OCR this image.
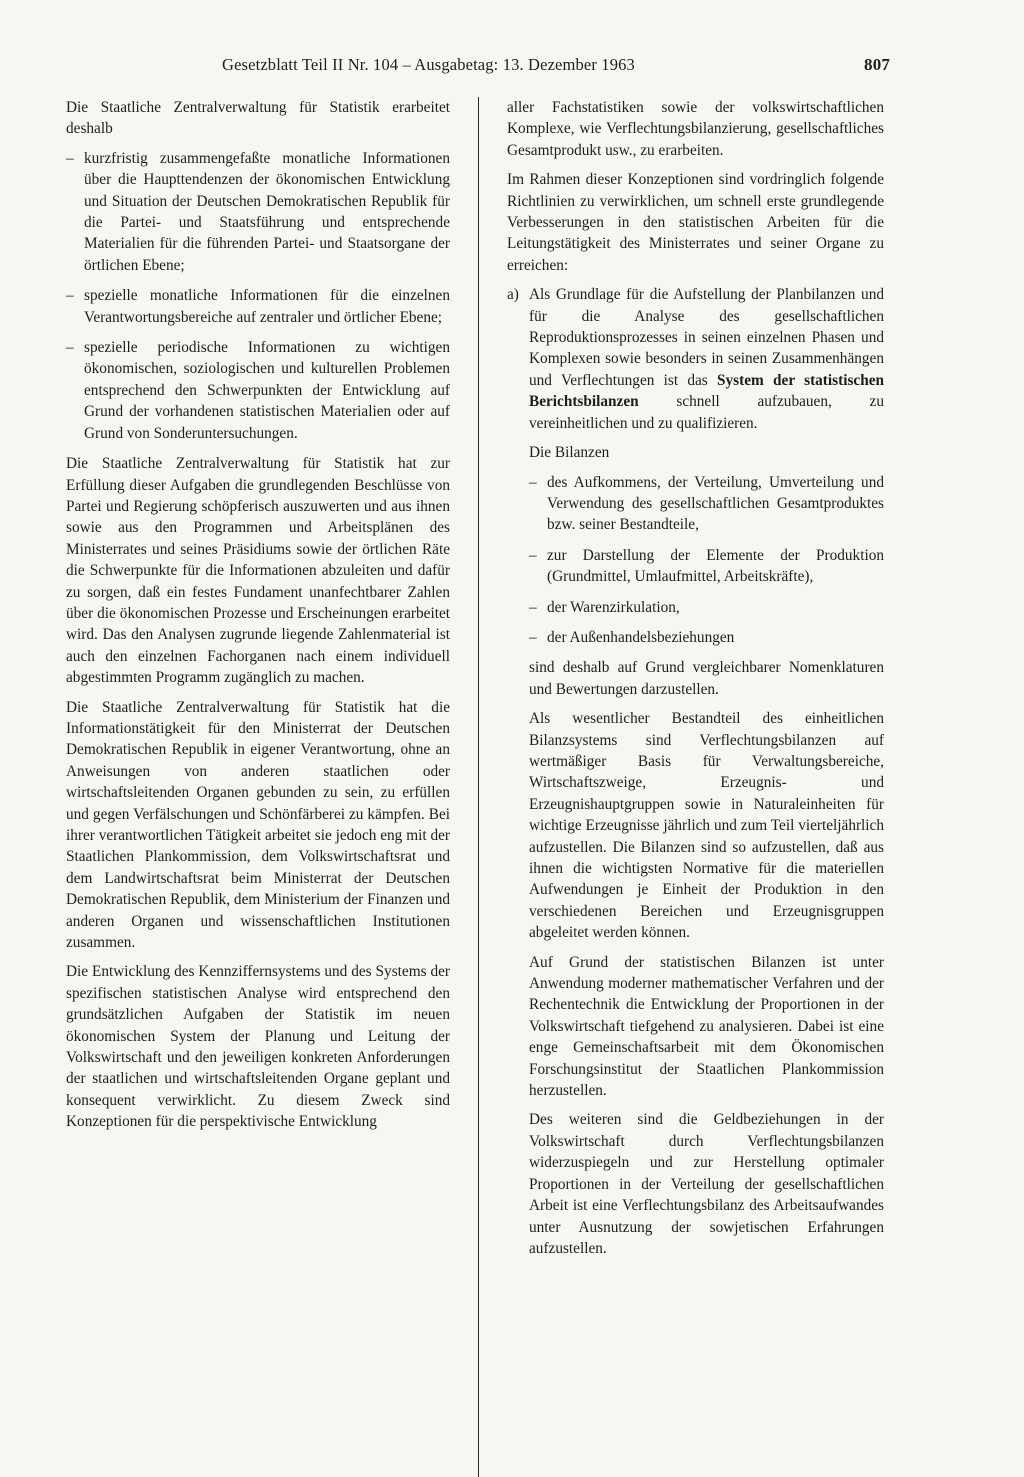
Gesetzblatt Teil II Nr. 104 – Ausgabetag: 13. Dezember 1963	807

Die Staatliche Zentralverwaltung für Statistik erarbeitet deshalb

– kurzfristig zusammengefaßte monatliche Informationen über die Haupttendenzen der ökonomischen Entwicklung und Situation der Deutschen Demokratischen Republik für die Partei- und Staatsführung und entsprechende Materialien für die führenden Partei- und Staatsorgane der örtlichen Ebene;
– spezielle monatliche Informationen für die einzelnen Verantwortungsbereiche auf zentraler und örtlicher Ebene;
– spezielle periodische Informationen zu wichtigen ökonomischen, soziologischen und kulturellen Problemen entsprechend den Schwerpunkten der Entwicklung auf Grund der vorhandenen statistischen Materialien oder auf Grund von Sonderuntersuchungen.

Die Staatliche Zentralverwaltung für Statistik hat zur Erfüllung dieser Aufgaben die grundlegenden Beschlüsse von Partei und Regierung schöpferisch auszuwerten und aus ihnen sowie aus den Programmen und Arbeitsplänen des Ministerrates und seines Präsidiums sowie der örtlichen Räte die Schwerpunkte für die Informationen abzuleiten und dafür zu sorgen, daß ein festes Fundament unanfechtbarer Zahlen über die ökonomischen Prozesse und Erscheinungen erarbeitet wird. Das den Analysen zugrunde liegende Zahlenmaterial ist auch den einzelnen Fachorganen nach einem individuell abgestimmten Programm zugänglich zu machen.

Die Staatliche Zentralverwaltung für Statistik hat die Informationstätigkeit für den Ministerrat der Deutschen Demokratischen Republik in eigener Verantwortung, ohne an Anweisungen von anderen staatlichen oder wirtschaftsleitenden Organen gebunden zu sein, zu erfüllen und gegen Verfälschungen und Schönfärberei zu kämpfen. Bei ihrer verantwortlichen Tätigkeit arbeitet sie jedoch eng mit der Staatlichen Plankommission, dem Volkswirtschaftsrat und dem Landwirtschaftsrat beim Ministerrat der Deutschen Demokratischen Republik, dem Ministerium der Finanzen und anderen Organen und wissenschaftlichen Institutionen zusammen.

Die Entwicklung des Kennziffernsystems und des Systems der spezifischen statistischen Analyse wird entsprechend den grundsätzlichen Aufgaben der Statistik im neuen ökonomischen System der Planung und Leitung der Volkswirtschaft und den jeweiligen konkreten Anforderungen der staatlichen und wirtschaftsleitenden Organe geplant und konsequent verwirklicht. Zu diesem Zweck sind Konzeptionen für die perspektivische Entwicklung

aller Fachstatistiken sowie der volkswirtschaftlichen Komplexe, wie Verflechtungsbilanzierung, gesellschaftliches Gesamtprodukt usw., zu erarbeiten.

Im Rahmen dieser Konzeptionen sind vordringlich folgende Richtlinien zu verwirklichen, um schnell erste grundlegende Verbesserungen in den statistischen Arbeiten für die Leitungstätigkeit des Ministerrates und seiner Organe zu erreichen:

a) Als Grundlage für die Aufstellung der Planbilanzen und für die Analyse des gesellschaftlichen Reproduktionsprozesses in seinen einzelnen Phasen und Komplexen sowie besonders in seinen Zusammenhängen und Verflechtungen ist das System der statistischen Berichtsbilanzen schnell aufzubauen, zu vereinheitlichen und zu qualifizieren.
Die Bilanzen
– des Aufkommens, der Verteilung, Umverteilung und Verwendung des gesellschaftlichen Gesamtproduktes bzw. seiner Bestandteile,
– zur Darstellung der Elemente der Produktion (Grundmittel, Umlaufmittel, Arbeitskräfte),
– der Warenzirkulation,
– der Außenhandelsbeziehungen
sind deshalb auf Grund vergleichbarer Nomenklaturen und Bewertungen darzustellen.
Als wesentlicher Bestandteil des einheitlichen Bilanzsystems sind Verflechtungsbilanzen auf wertmäßiger Basis für Verwaltungsbereiche, Wirtschaftszweige, Erzeugnis- und Erzeugnishauptgruppen sowie in Naturaleinheiten für wichtige Erzeugnisse jährlich und zum Teil vierteljährlich aufzustellen. Die Bilanzen sind so aufzustellen, daß aus ihnen die wichtigsten Normative für die materiellen Aufwendungen je Einheit der Produktion in den verschiedenen Bereichen und Erzeugnisgruppen abgeleitet werden können.
Auf Grund der statistischen Bilanzen ist unter Anwendung moderner mathematischer Verfahren und der Rechentechnik die Entwicklung der Proportionen in der Volkswirtschaft tiefgehend zu analysieren. Dabei ist eine enge Gemeinschaftsarbeit mit dem Ökonomischen Forschungsinstitut der Staatlichen Plankommission herzustellen.
Des weiteren sind die Geldbeziehungen in der Volkswirtschaft durch Verflechtungsbilanzen widerzuspiegeln und zur Herstellung optimaler Proportionen in der Verteilung der gesellschaftlichen Arbeit ist eine Verflechtungsbilanz des Arbeitsaufwandes unter Ausnutzung der sowjetischen Erfahrungen aufzustellen.
